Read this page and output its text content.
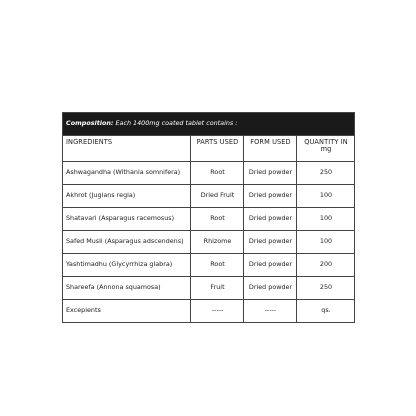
Composition: Each 1400mg coated tablet contains :			
INGREDIENTS	PARTS USED	FORM USED	QUANTITY IN mg
Ashwagandha (Withania somnifera)	Root	Dried powder	250
Akhrot (Juglans regia)	Dried Fruit	Dried powder	100
Shatavari (Asparagus racemosus)	Root	Dried powder	100
Safed Musli (Asparagus adscendens)	Rhizome	Dried powder	100
Yashtimadhu (Glycyrrhiza glabra)	Root	Dried powder	200
Shareefa (Annona squamosa)	Fruit	Dried powder	250
Excepients	-----	-----	qs.
